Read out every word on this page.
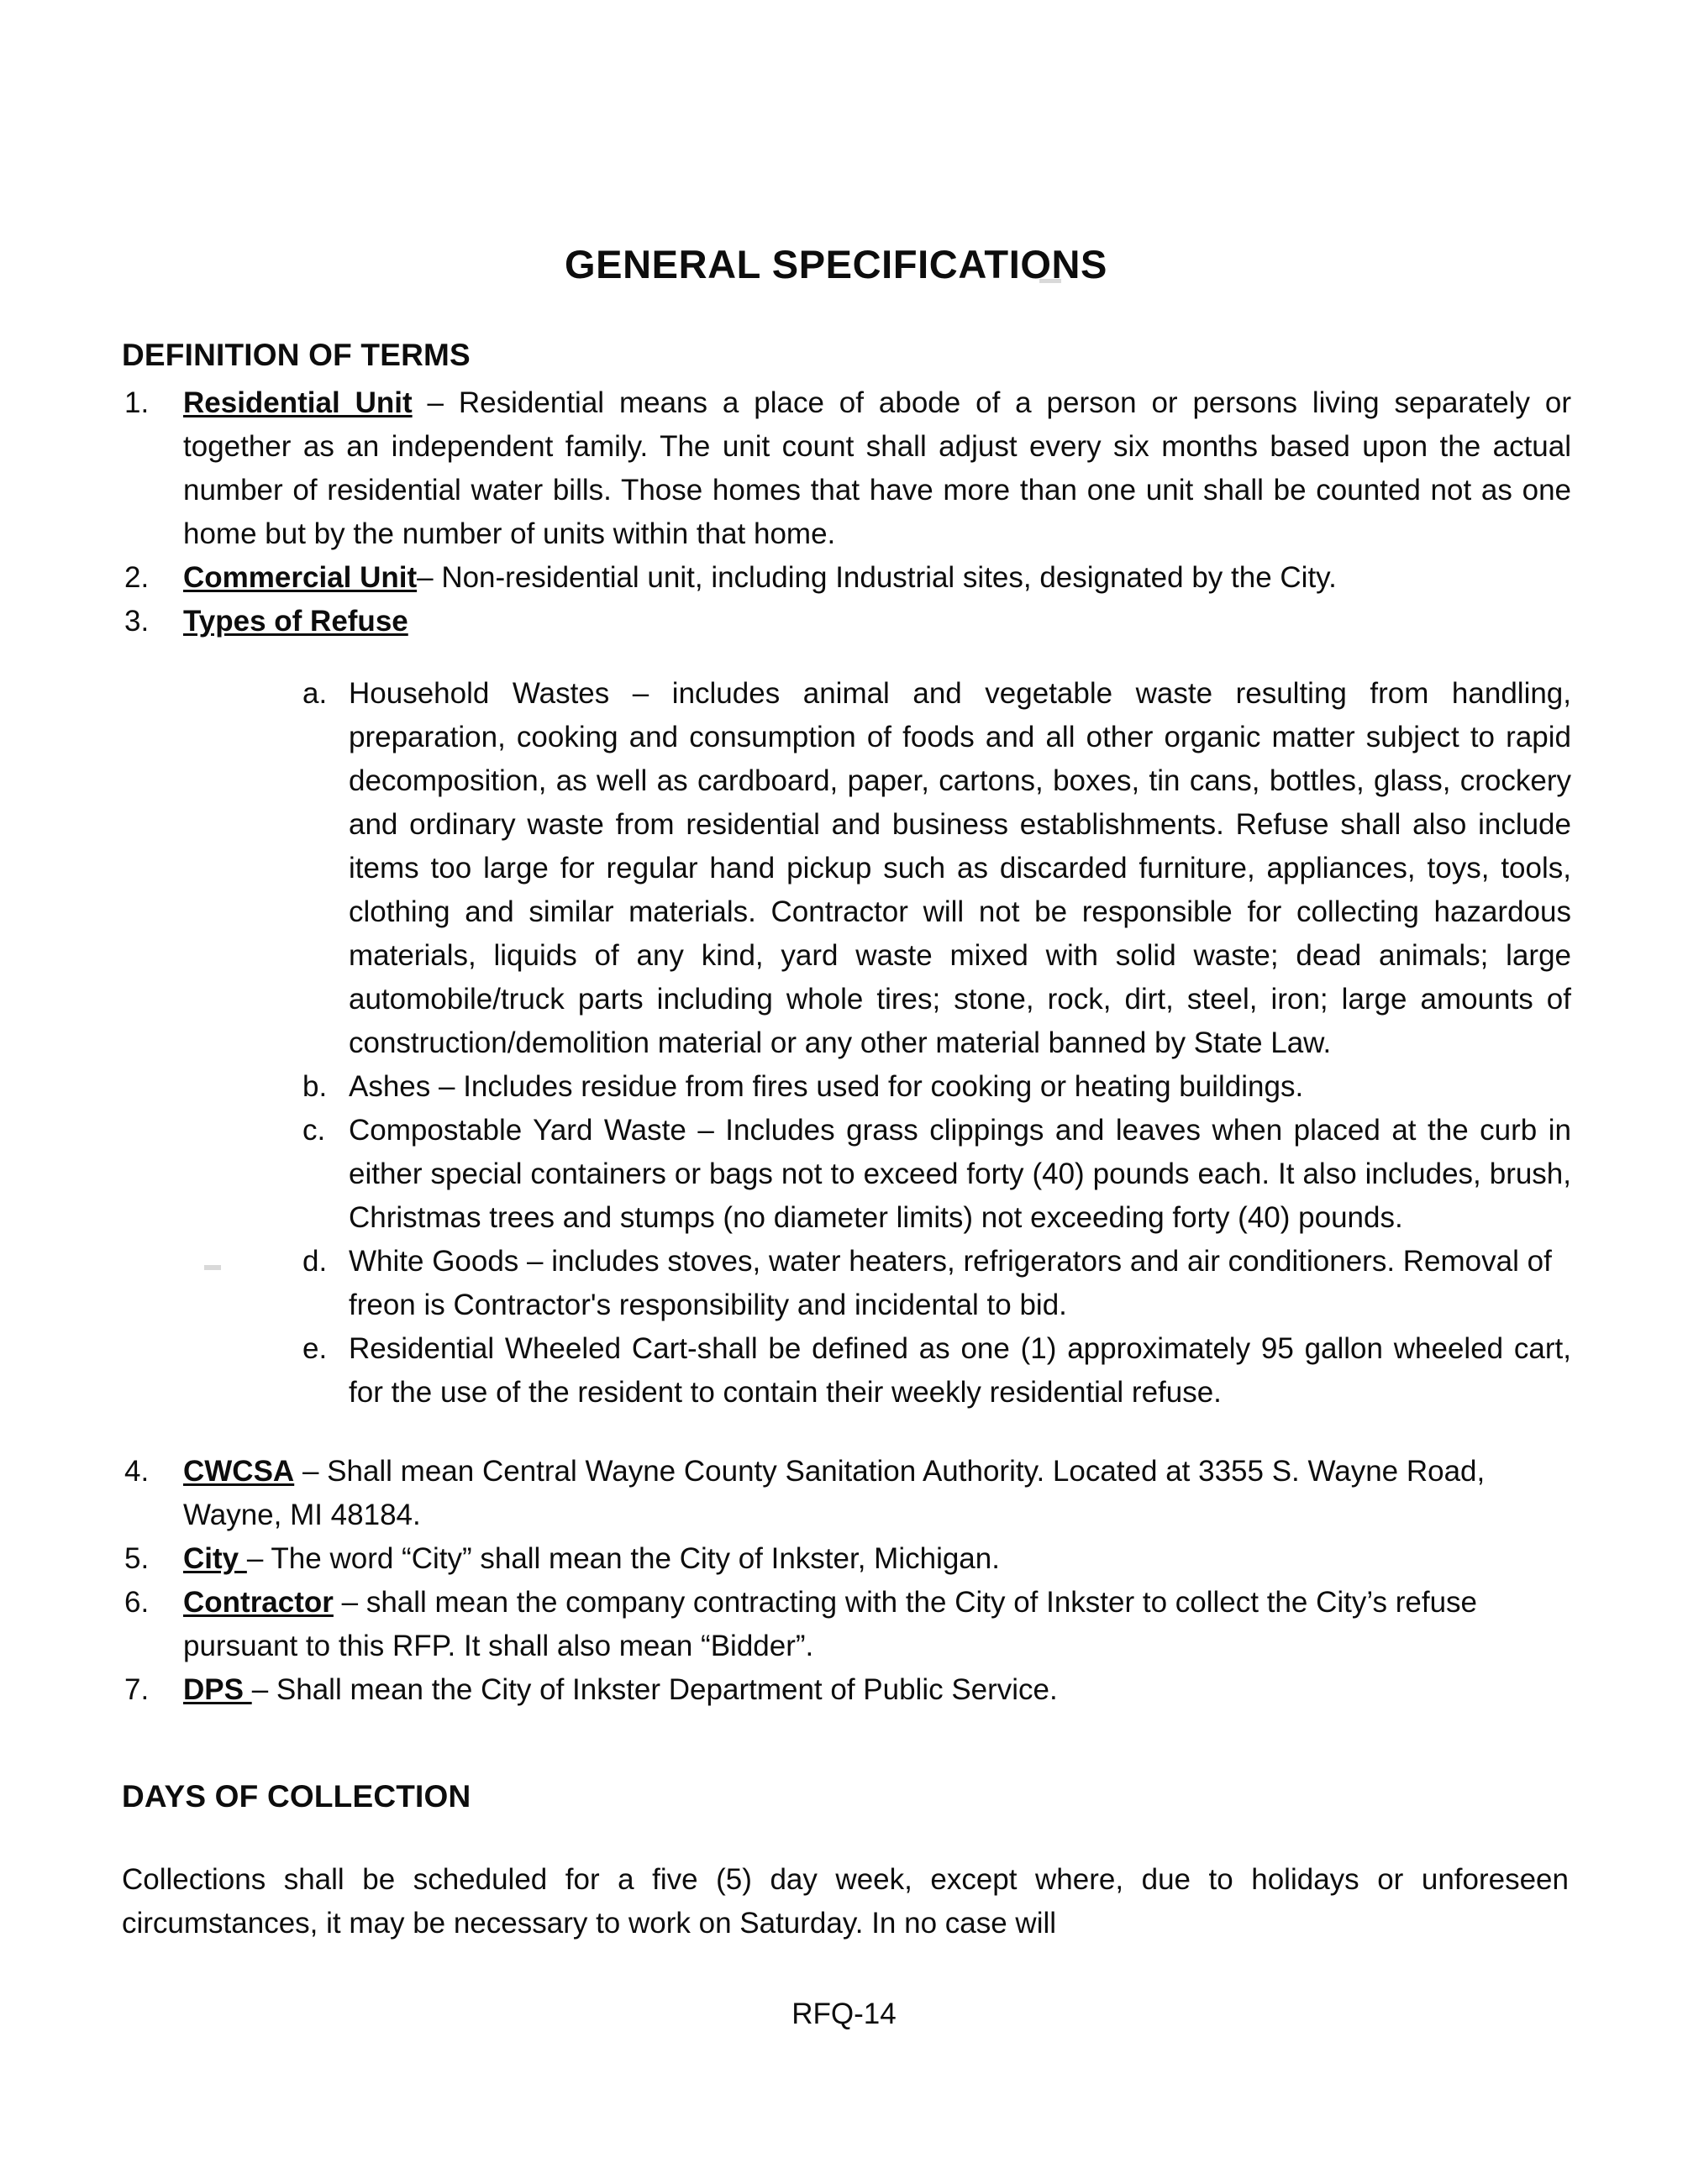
GENERAL SPECIFICATIONS
DEFINITION OF TERMS
1. Residential Unit – Residential means a place of abode of a person or persons living separately or together as an independent family. The unit count shall adjust every six months based upon the actual number of residential water bills. Those homes that have more than one unit shall be counted not as one home but by the number of units within that home.
2. Commercial Unit– Non-residential unit, including Industrial sites, designated by the City.
3. Types of Refuse
a. Household Wastes – includes animal and vegetable waste resulting from handling, preparation, cooking and consumption of foods and all other organic matter subject to rapid decomposition, as well as cardboard, paper, cartons, boxes, tin cans, bottles, glass, crockery and ordinary waste from residential and business establishments. Refuse shall also include items too large for regular hand pickup such as discarded furniture, appliances, toys, tools, clothing and similar materials. Contractor will not be responsible for collecting hazardous materials, liquids of any kind, yard waste mixed with solid waste; dead animals; large automobile/truck parts including whole tires; stone, rock, dirt, steel, iron; large amounts of construction/demolition material or any other material banned by State Law.
b. Ashes – Includes residue from fires used for cooking or heating buildings.
c. Compostable Yard Waste – Includes grass clippings and leaves when placed at the curb in either special containers or bags not to exceed forty (40) pounds each. It also includes, brush, Christmas trees and stumps (no diameter limits) not exceeding forty (40) pounds.
d. White Goods – includes stoves, water heaters, refrigerators and air conditioners. Removal of freon is Contractor's responsibility and incidental to bid.
e. Residential Wheeled Cart-shall be defined as one (1) approximately 95 gallon wheeled cart, for the use of the resident to contain their weekly residential refuse.
4. CWCSA – Shall mean Central Wayne County Sanitation Authority. Located at 3355 S. Wayne Road, Wayne, MI 48184.
5. City – The word “City” shall mean the City of Inkster, Michigan.
6. Contractor – shall mean the company contracting with the City of Inkster to collect the City’s refuse pursuant to this RFP. It shall also mean “Bidder”.
7. DPS – Shall mean the City of Inkster Department of Public Service.
DAYS OF COLLECTION

Collections shall be scheduled for a five (5) day week, except where, due to holidays or unforeseen circumstances, it may be necessary to work on Saturday. In no case will

RFQ-14
